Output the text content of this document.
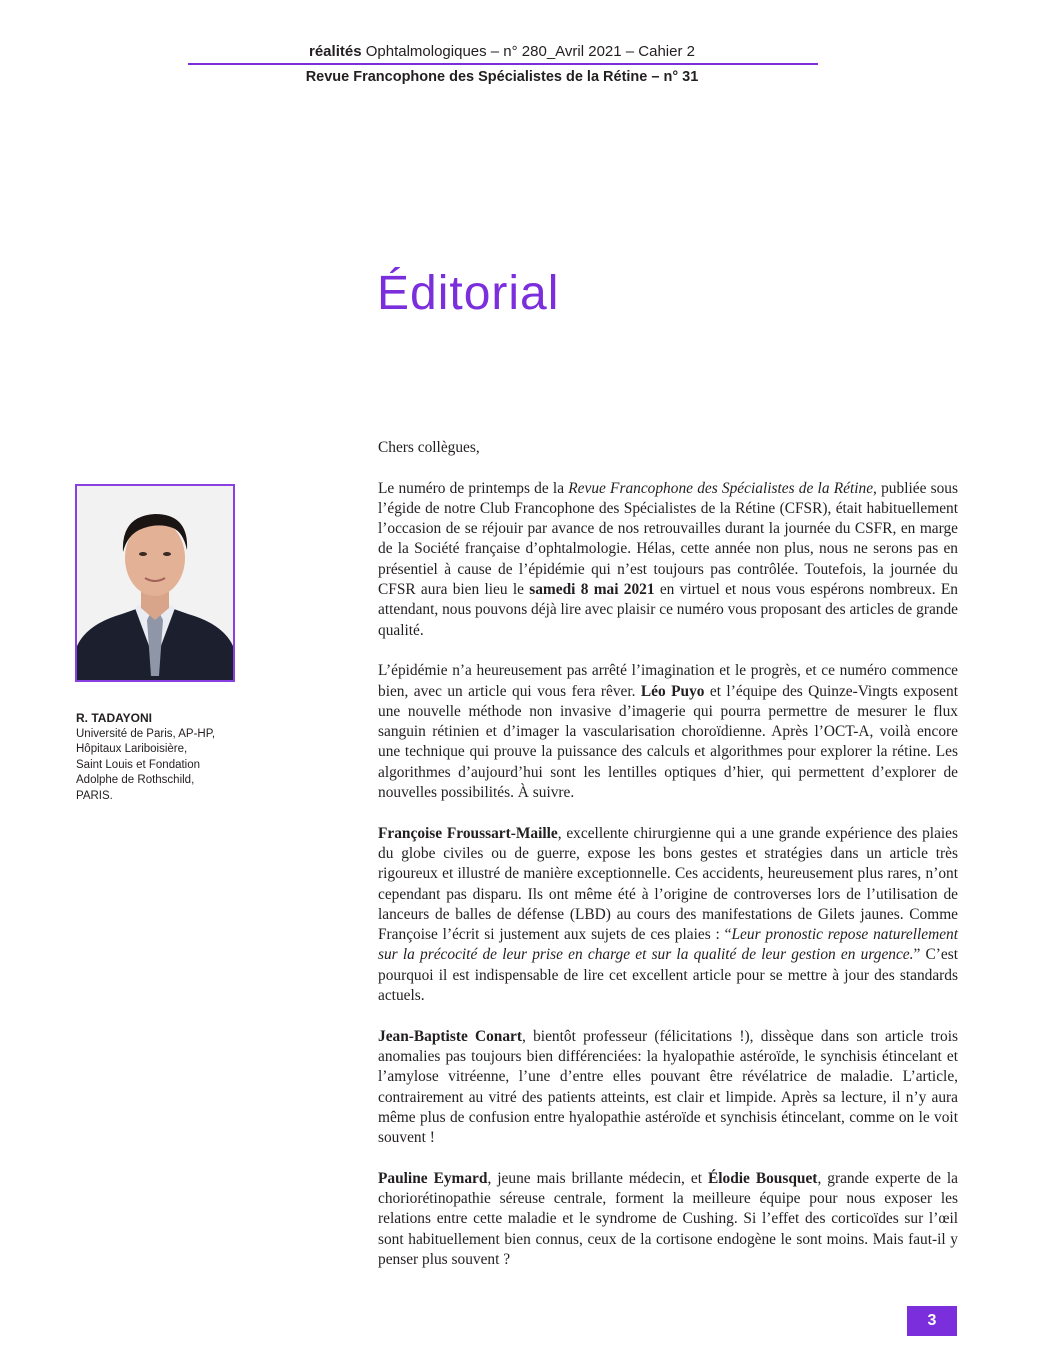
réalités Ophtalmologiques – n° 280_Avril 2021 – Cahier 2
Revue Francophone des Spécialistes de la Rétine – n° 31
Éditorial
R. TADAYONI
Université de Paris, AP-HP,
Hôpitaux Lariboisière,
Saint Louis et Fondation
Adolphe de Rothschild,
PARIS.

Chers collègues,

Le numéro de printemps de la Revue Francophone des Spécialistes de la Rétine, publiée sous l’égide de notre Club Francophone des Spécialistes de la Rétine (CFSR), était habituellement l’occasion de se réjouir par avance de nos retrouvailles durant la journée du CSFR, en marge de la Société française d’ophtalmologie. Hélas, cette année non plus, nous ne serons pas en présentiel à cause de l’épidémie qui n’est toujours pas contrôlée. Toutefois, la journée du CFSR aura bien lieu le samedi 8 mai 2021 en virtuel et nous vous espérons nombreux. En attendant, nous pouvons déjà lire avec plaisir ce numéro vous proposant des articles de grande qualité.

L’épidémie n’a heureusement pas arrêté l’imagination et le progrès, et ce numéro commence bien, avec un article qui vous fera rêver. Léo Puyo et l’équipe des Quinze-Vingts exposent une nouvelle méthode non invasive d’imagerie qui pourra permettre de mesurer le flux sanguin rétinien et d’imager la vascularisation choroïdienne. Après l’OCT-A, voilà encore une technique qui prouve la puissance des calculs et algorithmes pour explorer la rétine. Les algorithmes d’aujourd’hui sont les lentilles optiques d’hier, qui permettent d’explorer de nouvelles possibilités. À suivre.

Françoise Froussart-Maille, excellente chirurgienne qui a une grande expérience des plaies du globe civiles ou de guerre, expose les bons gestes et stratégies dans un article très rigoureux et illustré de manière exceptionnelle. Ces accidents, heureusement plus rares, n’ont cependant pas disparu. Ils ont même été à l’origine de controverses lors de l’utilisation de lanceurs de balles de défense (LBD) au cours des manifestations de Gilets jaunes. Comme Françoise l’écrit si justement aux sujets de ces plaies : “Leur pronostic repose naturellement sur la précocité de leur prise en charge et sur la qualité de leur gestion en urgence.” C’est pourquoi il est indispensable de lire cet excellent article pour se mettre à jour des standards actuels.

Jean-Baptiste Conart, bientôt professeur (félicitations !), dissèque dans son article trois anomalies pas toujours bien différenciées: la hyalopathie astéroïde, le synchisis étincelant et l’amylose vitréenne, l’une d’entre elles pouvant être révélatrice de maladie. L’article, contrairement au vitré des patients atteints, est clair et limpide. Après sa lecture, il n’y aura même plus de confusion entre hyalopathie astéroïde et synchisis étincelant, comme on le voit souvent !

Pauline Eymard, jeune mais brillante médecin, et Élodie Bousquet, grande experte de la choriorétinopathie séreuse centrale, forment la meilleure équipe pour nous exposer les relations entre cette maladie et le syndrome de Cushing. Si l’effet des corticoïdes sur l’œil sont habituellement bien connus, ceux de la cortisone endogène le sont moins. Mais faut-il y penser plus souvent ?

3
